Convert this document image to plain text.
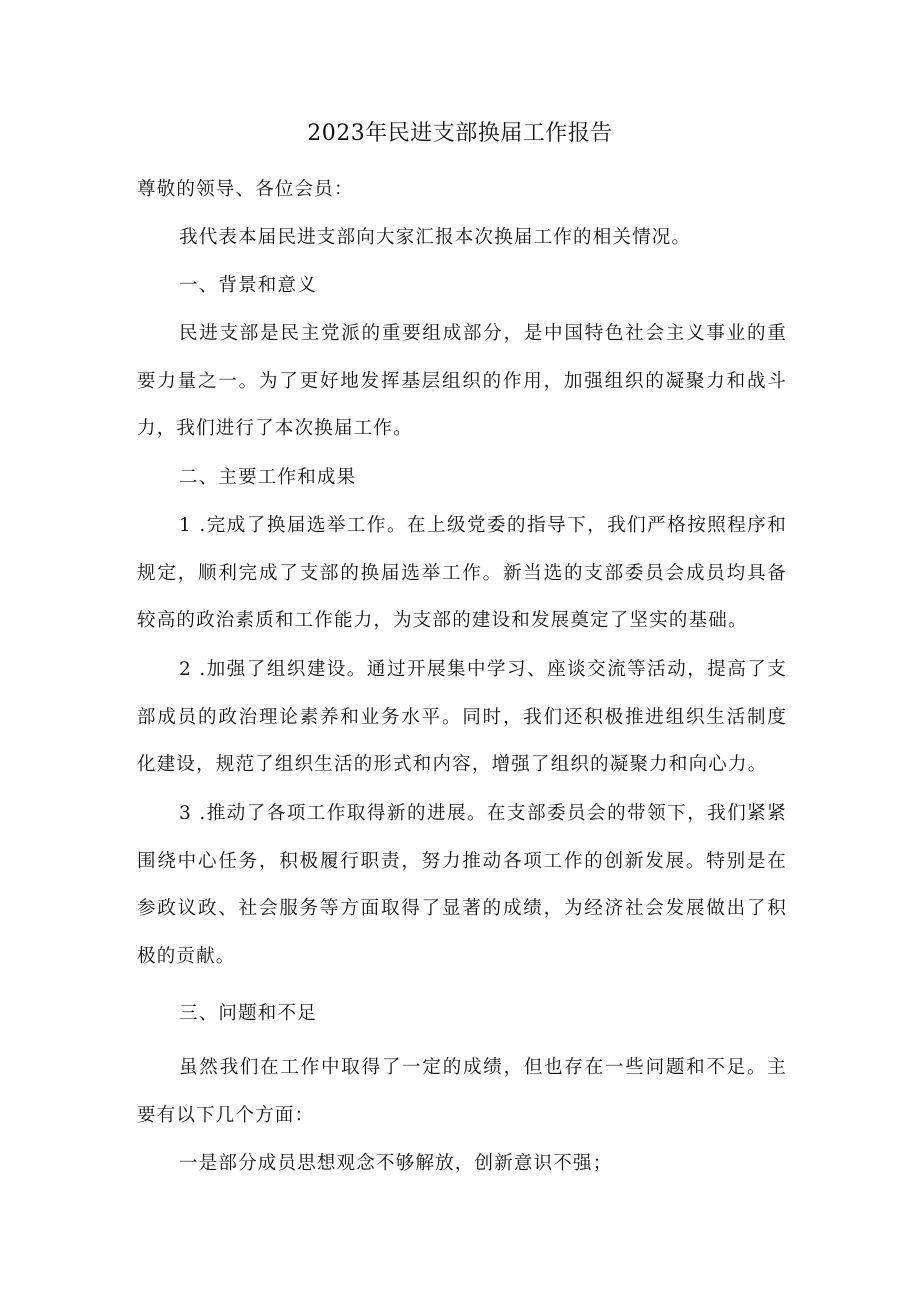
2023年民进支部换届工作报告

尊敬的领导、各位会员：

我代表本届民进支部向大家汇报本次换届工作的相关情况。

一、背景和意义

民进支部是民主党派的重要组成部分，是中国特色社会主义事业的重要力量之一。为了更好地发挥基层组织的作用，加强组织的凝聚力和战斗力，我们进行了本次换届工作。

二、主要工作和成果

1 .完成了换届选举工作。在上级党委的指导下，我们严格按照程序和规定，顺利完成了支部的换届选举工作。新当选的支部委员会成员均具备较高的政治素质和工作能力，为支部的建设和发展奠定了坚实的基础。

2 .加强了组织建设。通过开展集中学习、座谈交流等活动，提高了支部成员的政治理论素养和业务水平。同时，我们还积极推进组织生活制度化建设，规范了组织生活的形式和内容，增强了组织的凝聚力和向心力。

3 .推动了各项工作取得新的进展。在支部委员会的带领下，我们紧紧围绕中心任务，积极履行职责，努力推动各项工作的创新发展。特别是在参政议政、社会服务等方面取得了显著的成绩，为经济社会发展做出了积极的贡献。

三、问题和不足

虽然我们在工作中取得了一定的成绩，但也存在一些问题和不足。主要有以下几个方面：

一是部分成员思想观念不够解放，创新意识不强；
